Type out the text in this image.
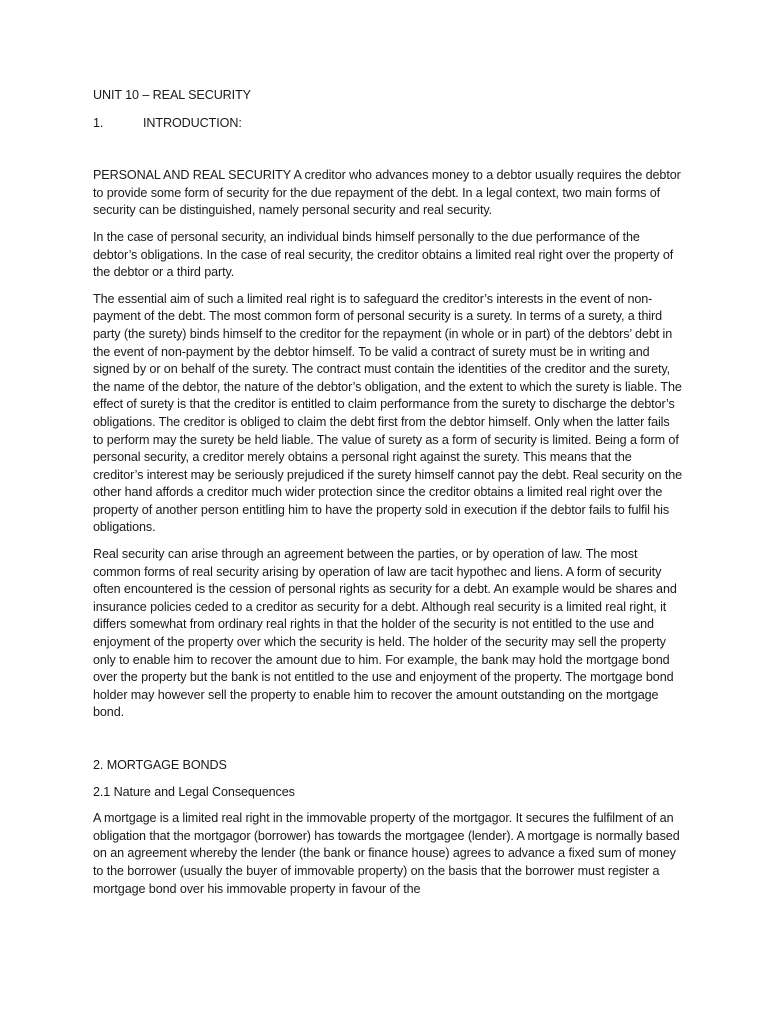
UNIT 10 – REAL SECURITY
1.	INTRODUCTION:

PERSONAL AND REAL SECURITY A creditor who advances money to a debtor usually requires the debtor to provide some form of security for the due repayment of the debt. In a legal context, two main forms of security can be distinguished, namely personal security and real security.

In the case of personal security, an individual binds himself personally to the due performance of the debtor’s obligations. In the case of real security, the creditor obtains a limited real right over the property of the debtor or a third party.

The essential aim of such a limited real right is to safeguard the creditor’s interests in the event of non-payment of the debt. The most common form of personal security is a surety. In terms of a surety, a third party (the surety) binds himself to the creditor for the repayment (in whole or in part) of the debtors’ debt in the event of non-payment by the debtor himself. To be valid a contract of surety must be in writing and signed by or on behalf of the surety. The contract must contain the identities of the creditor and the surety, the name of the debtor, the nature of the debtor’s obligation, and the extent to which the surety is liable. The effect of surety is that the creditor is entitled to claim performance from the surety to discharge the debtor’s obligations. The creditor is obliged to claim the debt first from the debtor himself. Only when the latter fails to perform may the surety be held liable. The value of surety as a form of security is limited. Being a form of personal security, a creditor merely obtains a personal right against the surety. This means that the creditor’s interest may be seriously prejudiced if the surety himself cannot pay the debt. Real security on the other hand affords a creditor much wider protection since the creditor obtains a limited real right over the property of another person entitling him to have the property sold in execution if the debtor fails to fulfil his obligations.

Real security can arise through an agreement between the parties, or by operation of law. The most common forms of real security arising by operation of law are tacit hypothec and liens. A form of security often encountered is the cession of personal rights as security for a debt. An example would be shares and insurance policies ceded to a creditor as security for a debt. Although real security is a limited real right, it differs somewhat from ordinary real rights in that the holder of the security is not entitled to the use and enjoyment of the property over which the security is held. The holder of the security may sell the property only to enable him to recover the amount due to him. For example, the bank may hold the mortgage bond over the property but the bank is not entitled to the use and enjoyment of the property. The mortgage bond holder may however sell the property to enable him to recover the amount outstanding on the mortgage bond.

2. MORTGAGE BONDS
2.1 Nature and Legal Consequences

A mortgage is a limited real right in the immovable property of the mortgagor. It secures the fulfilment of an obligation that the mortgagor (borrower) has towards the mortgagee (lender). A mortgage is normally based on an agreement whereby the lender (the bank or finance house) agrees to advance a fixed sum of money to the borrower (usually the buyer of immovable property) on the basis that the borrower must register a mortgage bond over his immovable property in favour of the
